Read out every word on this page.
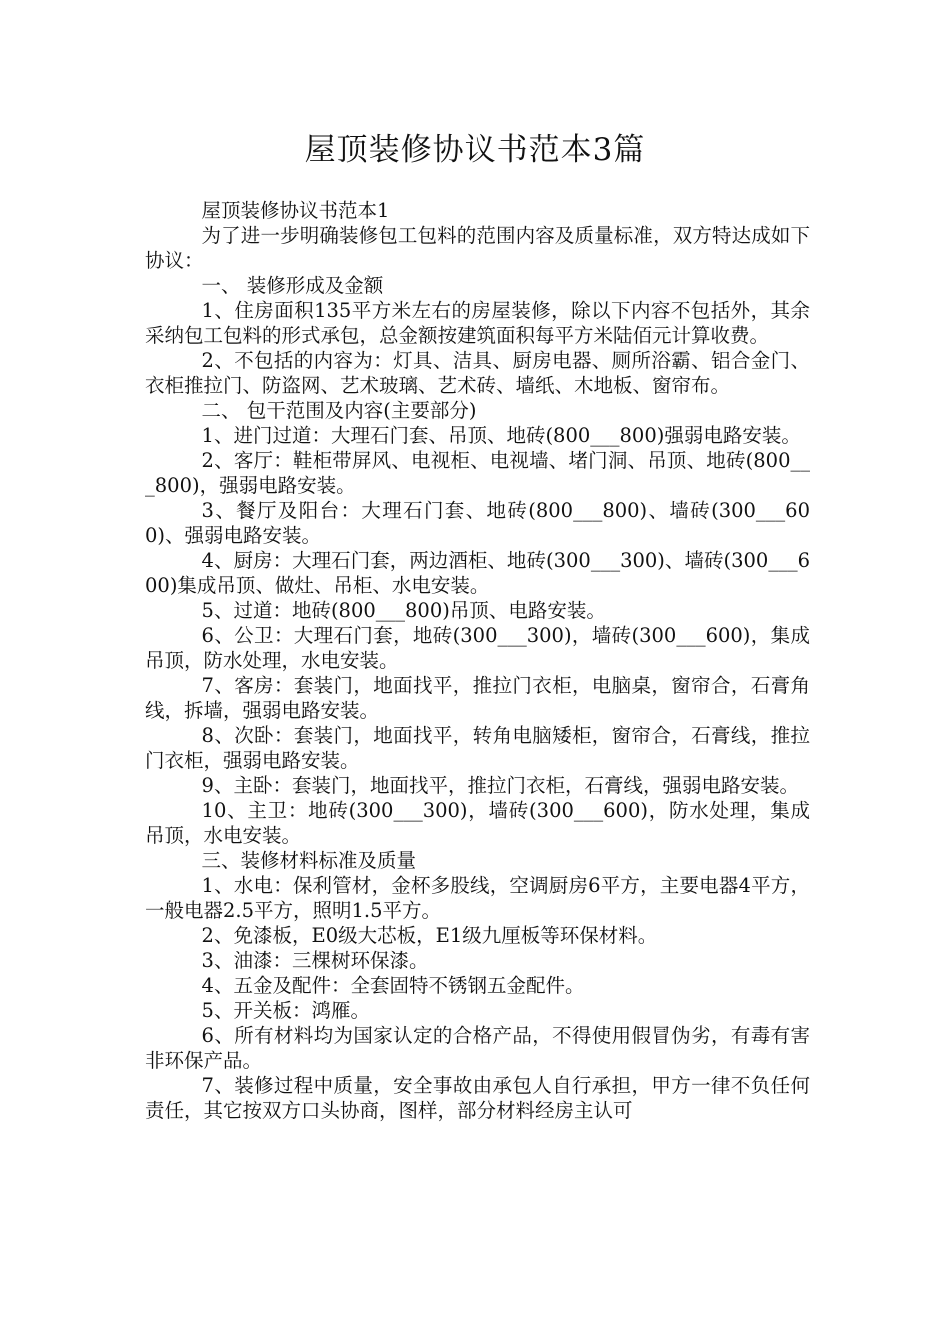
屋顶装修协议书范本3篇

屋顶装修协议书范本1

为了进一步明确装修包工包料的范围内容及质量标准，双方特达成如下协议：

一、 装修形成及金额

1、住房面积135平方米左右的房屋装修，除以下内容不包括外，其余采纳包工包料的形式承包，总金额按建筑面积每平方米陆佰元计算收费。

2、不包括的内容为：灯具、洁具、厨房电器、厕所浴霸、铝合金门、衣柜推拉门、防盗网、艺术玻璃、艺术砖、墙纸、木地板、窗帘布。

二、 包干范围及内容(主要部分)

1、进门过道：大理石门套、吊顶、地砖(800___800)强弱电路安装。

2、客厅：鞋柜带屏风、电视柜、电视墙、堵门洞、吊顶、地砖(800___800)，强弱电路安装。

3、餐厅及阳台：大理石门套、地砖(800___800)、墙砖(300___600)、强弱电路安装。

4、厨房：大理石门套，两边酒柜、地砖(300___300)、墙砖(300___600)集成吊顶、做灶、吊柜、水电安装。

5、过道：地砖(800___800)吊顶、电路安装。

6、公卫：大理石门套，地砖(300___300)，墙砖(300___600)，集成吊顶，防水处理，水电安装。

7、客房：套装门，地面找平，推拉门衣柜，电脑桌，窗帘合，石膏角线，拆墙，强弱电路安装。

8、次卧：套装门，地面找平，转角电脑矮柜，窗帘合，石膏线，推拉门衣柜，强弱电路安装。

9、主卧：套装门，地面找平，推拉门衣柜，石膏线，强弱电路安装。

10、主卫：地砖(300___300)，墙砖(300___600)，防水处理，集成吊顶，水电安装。

三、装修材料标准及质量

1、水电：保利管材，金杯多股线，空调厨房6平方，主要电器4平方，一般电器2.5平方，照明1.5平方。

2、免漆板，E0级大芯板，E1级九厘板等环保材料。

3、油漆：三棵树环保漆。

4、五金及配件：全套固特不锈钢五金配件。

5、开关板：鸿雁。

6、所有材料均为国家认定的合格产品，不得使用假冒伪劣，有毒有害非环保产品。

7、装修过程中质量，安全事故由承包人自行承担，甲方一律不负任何责任，其它按双方口头协商，图样，部分材料经房主认可
